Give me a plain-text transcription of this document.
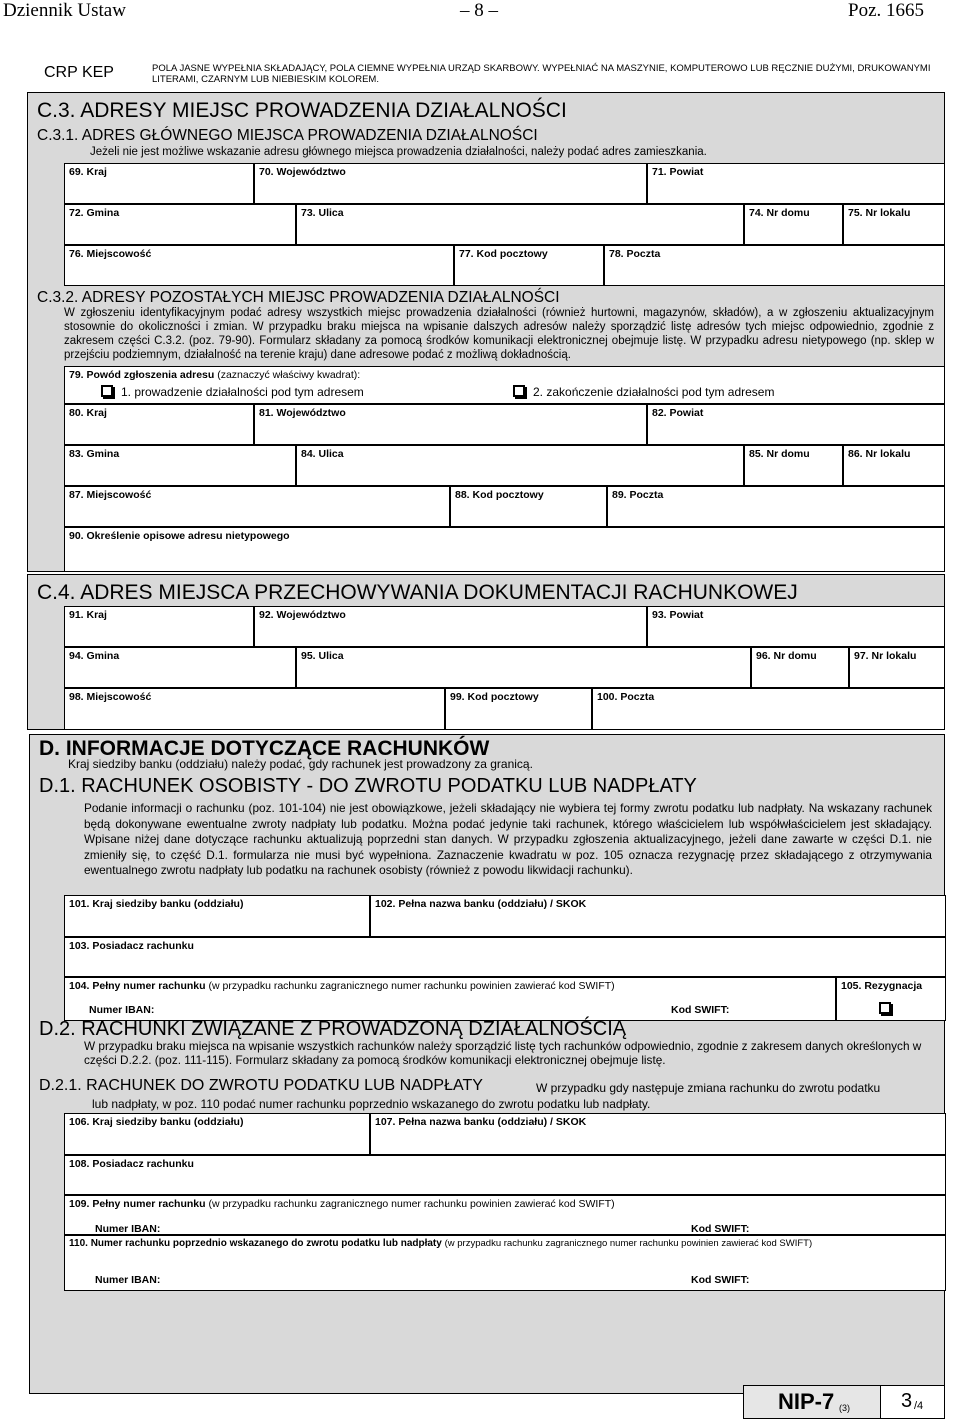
Dziennik Ustaw	– 8 –	Poz. 1665
CRP KEP	POLA JASNE WYPEŁNIA SKŁADAJĄCY, POLA CIEMNE WYPEŁNIA URZĄD SKARBOWY. WYPEŁNIAĆ NA MASZYNIE, KOMPUTEROWO LUB RĘCZNIE DUŻYMI, DRUKOWANYMI LITERAMI, CZARNYM LUB NIEBIESKIM KOLOREM.
C.3. ADRESY MIEJSC PROWADZENIA DZIAŁALNOŚCI
C.3.1. ADRES GŁÓWNEGO MIEJSCA PROWADZENIA DZIAŁALNOŚCI
Jeżeli nie jest możliwe wskazanie adresu głównego miejsca prowadzenia działalności, należy podać adres zamieszkania.
69. Kraj	70. Województwo	71. Powiat
72. Gmina	73. Ulica	74. Nr domu	75. Nr lokalu
76. Miejscowość	77. Kod pocztowy	78. Poczta
C.3.2. ADRESY POZOSTAŁYCH MIEJSC PROWADZENIA DZIAŁALNOŚCI
W zgłoszeniu identyfikacyjnym podać adresy wszystkich miejsc prowadzenia działalności (również hurtowni, magazynów, składów), a w zgłoszeniu aktualizacyjnym stosownie do okoliczności i zmian. W przypadku braku miejsca na wpisanie dalszych adresów należy sporządzić listę adresów tych miejsc odpowiednio, zgodnie z zakresem części C.3.2. (poz. 79-90). Formularz składany za pomocą środków komunikacji elektronicznej obejmuje listę. W przypadku adresu nietypowego (np. sklep w przejściu podziemnym, działalność na terenie kraju) dane adresowe podać z możliwą dokładnością.
79. Powód zgłoszenia adresu (zaznaczyć właściwy kwadrat):
1. prowadzenie działalności pod tym adresem	2. zakończenie działalności pod tym adresem
80. Kraj	81. Województwo	82. Powiat
83. Gmina	84. Ulica	85. Nr domu	86. Nr lokalu
87. Miejscowość	88. Kod pocztowy	89. Poczta
90. Określenie opisowe adresu nietypowego
C.4. ADRES MIEJSCA PRZECHOWYWANIA DOKUMENTACJI RACHUNKOWEJ
91. Kraj	92. Województwo	93. Powiat
94. Gmina	95. Ulica	96. Nr domu	97. Nr lokalu
98. Miejscowość	99. Kod pocztowy	100. Poczta
D. INFORMACJE DOTYCZĄCE RACHUNKÓW
Kraj siedziby banku (oddziału) należy podać, gdy rachunek jest prowadzony za granicą.
D.1. RACHUNEK OSOBISTY - DO ZWROTU PODATKU LUB NADPŁATY
Podanie informacji o rachunku (poz. 101-104) nie jest obowiązkowe, jeżeli składający nie wybiera tej formy zwrotu podatku lub nadpłaty. Na wskazany rachunek będą dokonywane ewentualne zwroty nadpłaty lub podatku. Można podać jedynie taki rachunek, którego właścicielem lub współwłaścicielem jest składający. Wpisane niżej dane dotyczące rachunku aktualizują poprzedni stan danych. W przypadku zgłoszenia aktualizacyjnego, jeżeli dane zawarte w części D.1. nie zmieniły się, to część D.1. formularza nie musi być wypełniona. Zaznaczenie kwadratu w poz. 105 oznacza rezygnację przez składającego z otrzymywania ewentualnego zwrotu nadpłaty lub podatku na rachunek osobisty (również z powodu likwidacji rachunku).
101. Kraj siedziby banku (oddziału)	102. Pełna nazwa banku (oddziału) / SKOK
103. Posiadacz rachunku
104. Pełny numer rachunku (w przypadku rachunku zagranicznego numer rachunku powinien zawierać kod SWIFT)
Numer IBAN:	Kod SWIFT:
105. Rezygnacja
D.2. RACHUNKI ZWIĄZANE Z PROWADZONĄ DZIAŁALNOŚCIĄ
W przypadku braku miejsca na wpisanie wszystkich rachunków należy sporządzić listę tych rachunków odpowiednio, zgodnie z zakresem danych określonych w części D.2.2. (poz. 111-115). Formularz składany za pomocą środków komunikacji elektronicznej obejmuje listę.
D.2.1. RACHUNEK DO ZWROTU PODATKU LUB NADPŁATY	W przypadku gdy następuje zmiana rachunku do zwrotu podatku
lub nadpłaty, w poz. 110 podać numer rachunku poprzednio wskazanego do zwrotu podatku lub nadpłaty.
106. Kraj siedziby banku (oddziału)	107. Pełna nazwa banku (oddziału) / SKOK
108. Posiadacz rachunku
109. Pełny numer rachunku (w przypadku rachunku zagranicznego numer rachunku powinien zawierać kod SWIFT)
Numer IBAN:	Kod SWIFT:
110. Numer rachunku poprzednio wskazanego do zwrotu podatku lub nadpłaty (w przypadku rachunku zagranicznego numer rachunku powinien zawierać kod SWIFT)
Numer IBAN:	Kod SWIFT:
NIP-7 (3)	3 /4
